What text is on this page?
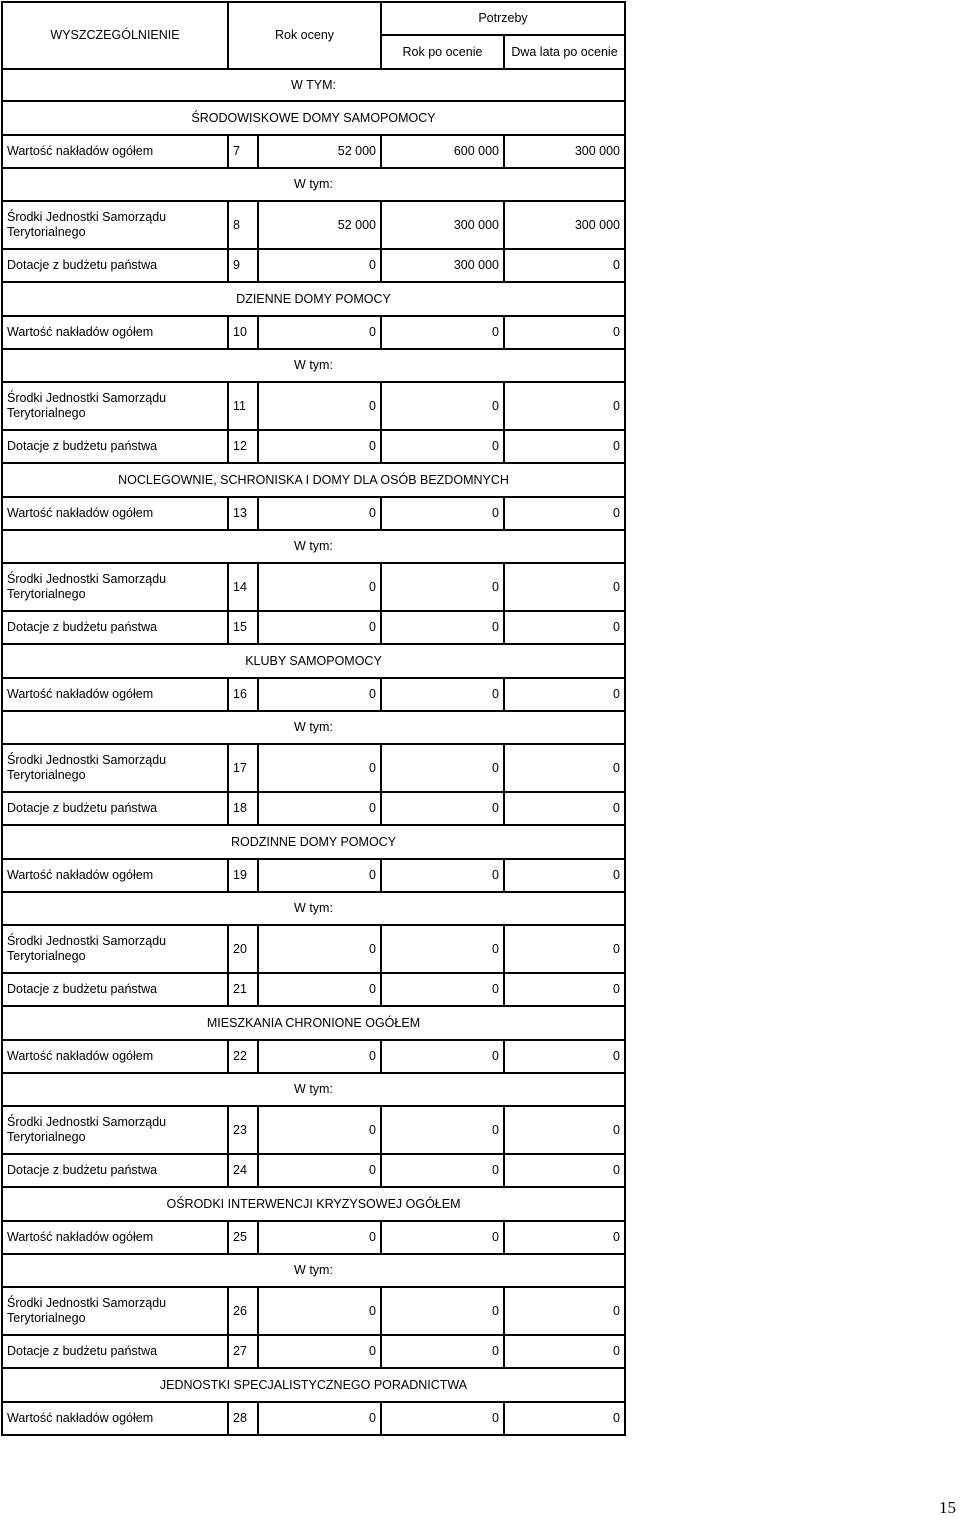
WYSZCZEGÓLNIENIE	Rok oceny		Potrzeby	
			Rok po ocenie	Dwa lata po ocenie
W TYM:				
ŚRODOWISKOWE DOMY SAMOPOMOCY				
Wartość nakładów ogółem	7	52 000	600 000	300 000
W tym:				
Środki Jednostki Samorządu Terytorialnego	8	52 000	300 000	300 000
Dotacje z budżetu państwa	9	0	300 000	0
DZIENNE DOMY POMOCY				
Wartość nakładów ogółem	10	0	0	0
W tym:				
Środki Jednostki Samorządu Terytorialnego	11	0	0	0
Dotacje z budżetu państwa	12	0	0	0
NOCLEGOWNIE, SCHRONISKA I DOMY DLA OSÓB BEZDOMNYCH				
Wartość nakładów ogółem	13	0	0	0
W tym:				
Środki Jednostki Samorządu Terytorialnego	14	0	0	0
Dotacje z budżetu państwa	15	0	0	0
KLUBY SAMOPOMOCY				
Wartość nakładów ogółem	16	0	0	0
W tym:				
Środki Jednostki Samorządu Terytorialnego	17	0	0	0
Dotacje z budżetu państwa	18	0	0	0
RODZINNE DOMY POMOCY				
Wartość nakładów ogółem	19	0	0	0
W tym:				
Środki Jednostki Samorządu Terytorialnego	20	0	0	0
Dotacje z budżetu państwa	21	0	0	0
MIESZKANIA CHRONIONE OGÓŁEM				
Wartość nakładów ogółem	22	0	0	0
W tym:				
Środki Jednostki Samorządu Terytorialnego	23	0	0	0
Dotacje z budżetu państwa	24	0	0	0
OŚRODKI INTERWENCJI KRYZYSOWEJ OGÓŁEM				
Wartość nakładów ogółem	25	0	0	0
W tym:				
Środki Jednostki Samorządu Terytorialnego	26	0	0	0
Dotacje z budżetu państwa	27	0	0	0
JEDNOSTKI SPECJALISTYCZNEGO PORADNICTWA				
Wartość nakładów ogółem	28	0	0	0
15
